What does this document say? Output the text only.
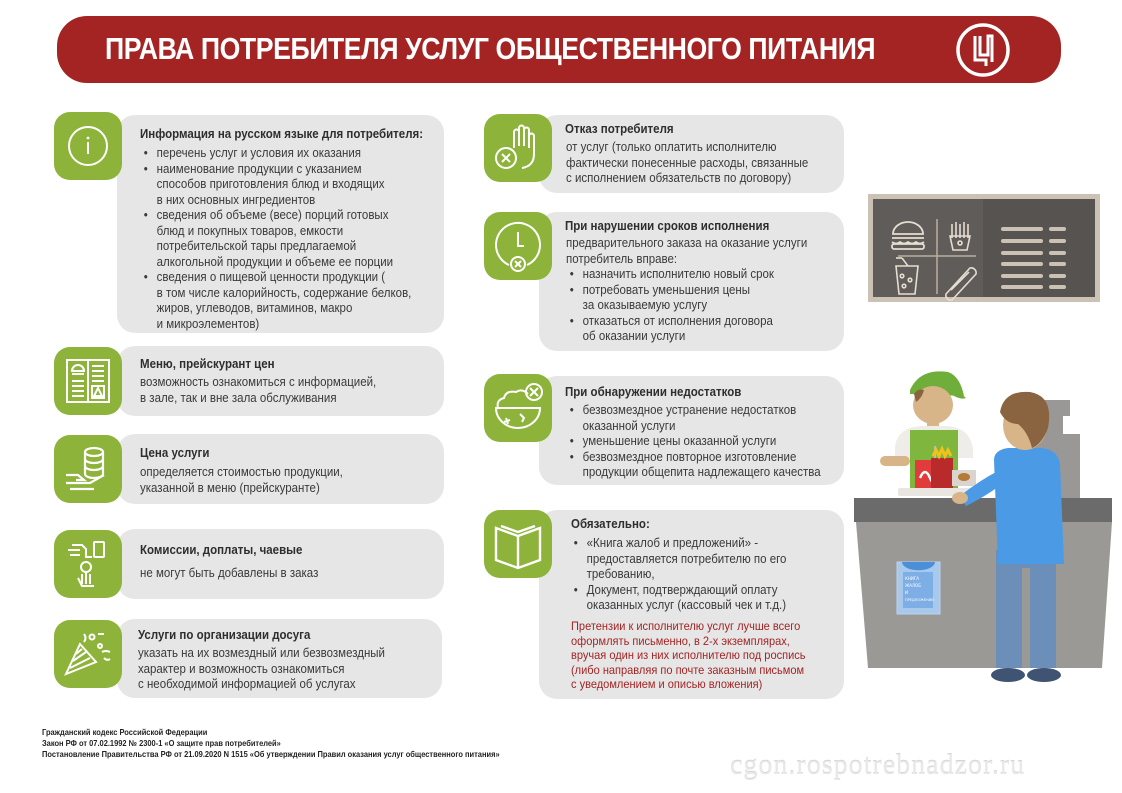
ПРАВА ПОТРЕБИТЕЛЯ УСЛУГ ОБЩЕСТВЕННОГО ПИТАНИЯ
Информация на русском языке для потребителя:
• перечень услуг и условия их оказания
• наименование продукции с указанием
способов приготовления блюд и входящих
в них основных ингредиентов
• сведения об объеме (весе) порций готовых
блюд и покупных товаров, емкости
потребительской тары предлагаемой
алкогольной продукции и объеме ее порции
• сведения о пищевой ценности продукции (
в том числе калорийность, содержание белков,
жиров, углеводов, витаминов, макро
и микроэлементов)
Меню, прейскурант цен
возможность ознакомиться с информацией,
в зале, так и вне зала обслуживания
Цена услуги
определяется стоимостью продукции,
указанной в меню (прейскуранте)
Комиссии, доплаты, чаевые
не могут быть добавлены в заказ
Услуги по организации досуга
указать на их возмездный или безвозмездный
характер и возможность ознакомиться
с необходимой информацией об услугах
Отказ потребителя
от услуг (только оплатить исполнителю
фактически понесенные расходы, связанные
с исполнением обязательств по договору)
При нарушении сроков исполнения
предварительного заказа на оказание услуги
потребитель вправе:
• назначить исполнителю новый срок
• потребовать уменьшения цены
за оказываемую услугу
• отказаться от исполнения договора
об оказании услуги
При обнаружении недостатков
• безвозмездное устранение недостатков
оказанной услуги
• уменьшение цены оказанной услуги
• безвозмездное повторное изготовление
продукции общепита надлежащего качества
Обязательно:
• «Книга жалоб и предложений» -
предоставляется потребителю по его
требованию,
• Документ, подтверждающий оплату
оказанных услуг (кассовый чек и т.д.)
Претензии к исполнителю услуг лучше всего
оформлять письменно, в 2-х экземплярах,
вручая один из них исполнителю под роспись
(либо направляя по почте заказным письмом
с уведомлением и описью вложения)
КНИГА
ЖАЛОБ
И
ПРЕДЛОЖЕНИЙ
Гражданский кодекс Российской Федерации
Закон РФ от 07.02.1992 № 2300-1 «О защите прав потребителей»
Постановление Правительства РФ от 21.09.2020 N 1515 «Об утверждении Правил оказания услуг общественного питания»	cgon.rospotrebnadzor.ru
